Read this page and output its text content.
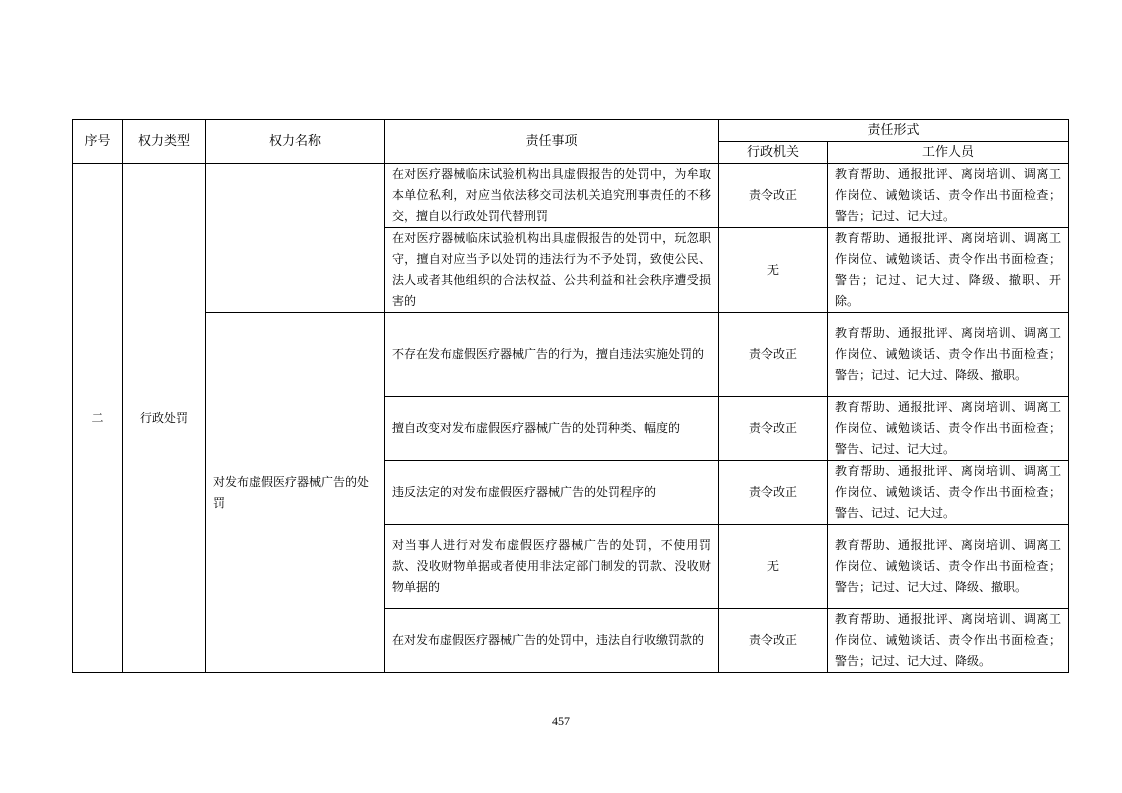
序号	权力类型	权力名称	责任事项	责任形式	
				行政机关	工作人员
二	行政处罚		在对医疗器械临床试验机构出具虚假报告的处罚中，为牟取本单位私利，对应当依法移交司法机关追究刑事责任的不移交，擅自以行政处罚代替刑罚	责令改正	教育帮助、通报批评、离岗培训、调离工作岗位、诫勉谈话、责令作出书面检查；警告；记过、记大过。
			在对医疗器械临床试验机构出具虚假报告的处罚中，玩忽职守，擅自对应当予以处罚的违法行为不予处罚，致使公民、法人或者其他组织的合法权益、公共利益和社会秩序遭受损害的	无	教育帮助、通报批评、离岗培训、调离工作岗位、诫勉谈话、责令作出书面检查；警告；记过、记大过、降级、撤职、开除。
		对发布虚假医疗器械广告的处罚	不存在发布虚假医疗器械广告的行为，擅自违法实施处罚的	责令改正	教育帮助、通报批评、离岗培训、调离工作岗位、诫勉谈话、责令作出书面检查；警告；记过、记大过、降级、撤职。
			擅自改变对发布虚假医疗器械广告的处罚种类、幅度的	责令改正	教育帮助、通报批评、离岗培训、调离工作岗位、诫勉谈话、责令作出书面检查；警告、记过、记大过。
			违反法定的对发布虚假医疗器械广告的处罚程序的	责令改正	教育帮助、通报批评、离岗培训、调离工作岗位、诫勉谈话、责令作出书面检查；警告、记过、记大过。
			对当事人进行对发布虚假医疗器械广告的处罚，不使用罚款、没收财物单据或者使用非法定部门制发的罚款、没收财物单据的	无	教育帮助、通报批评、离岗培训、调离工作岗位、诫勉谈话、责令作出书面检查；警告；记过、记大过、降级、撤职。
			在对发布虚假医疗器械广告的处罚中，违法自行收缴罚款的	责令改正	教育帮助、通报批评、离岗培训、调离工作岗位、诫勉谈话、责令作出书面检查；警告；记过、记大过、降级。
457
